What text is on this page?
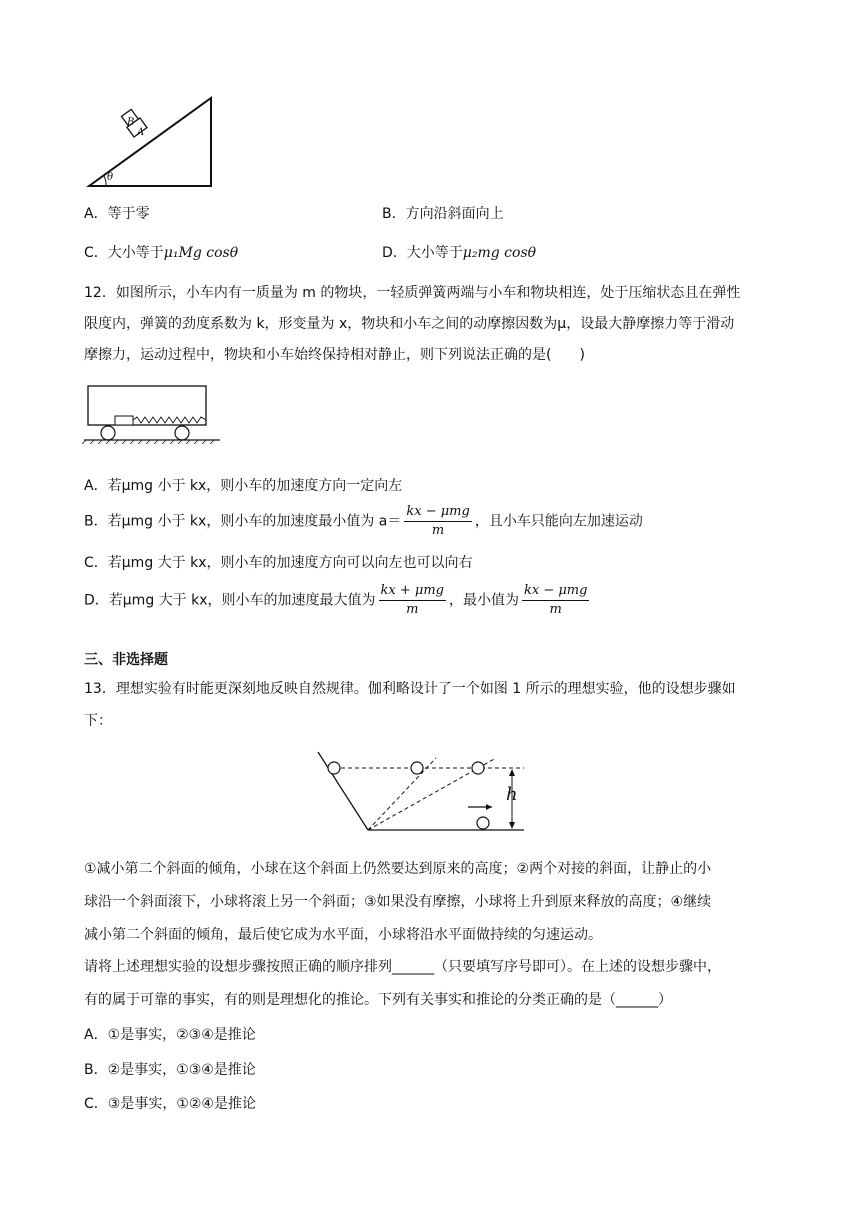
B
A
θ
A．等于零	B．方向沿斜面向上
C．大小等于μ₁Mg cosθ	D．大小等于μ₂mg cosθ
12．如图所示，小车内有一质量为 m 的物块，一轻质弹簧两端与小车和物块相连，处于压缩状态且在弹性
限度内，弹簧的劲度系数为 k，形变量为 x，物块和小车之间的动摩擦因数为μ，设最大静摩擦力等于滑动
摩擦力，运动过程中，物块和小车始终保持相对静止，则下列说法正确的是(　　)
A．若μmg 小于 kx，则小车的加速度方向一定向左
B．若μmg 小于 kx，则小车的加速度最小值为 $a= \frac{\text{kx − μmg}}{m}$ ，且小车只能向左加速运动
C．若μmg 大于 kx，则小车的加速度方向可以向左也可以向右
D．若μmg 大于 kx，则小车的加速度最大值为 $\frac{\text{kx + μmg}}{m}$ ，最小值为 $\frac{\text{kx − μmg}}{m}$
三、非选择题
13．理想实验有时能更深刻地反映自然规律。伽利略设计了一个如图 1 所示的理想实验，他的设想步骤如
下：
h
①减小第二个斜面的倾角，小球在这个斜面上仍然要达到原来的高度；②两个对接的斜面，让静止的小
球沿一个斜面滚下，小球将滚上另一个斜面；③如果没有摩擦，小球将上升到原来释放的高度；④继续
减小第二个斜面的倾角，最后使它成为水平面，小球将沿水平面做持续的匀速运动。
请将上述理想实验的设想步骤按照正确的顺序排列______（只要填写序号即可）。在上述的设想步骤中，
有的属于可靠的事实，有的则是理想化的推论。下列有关事实和推论的分类正确的是（______）
A．①是事实，②③④是推论
B．②是事实，①③④是推论
C．③是事实，①②④是推论
